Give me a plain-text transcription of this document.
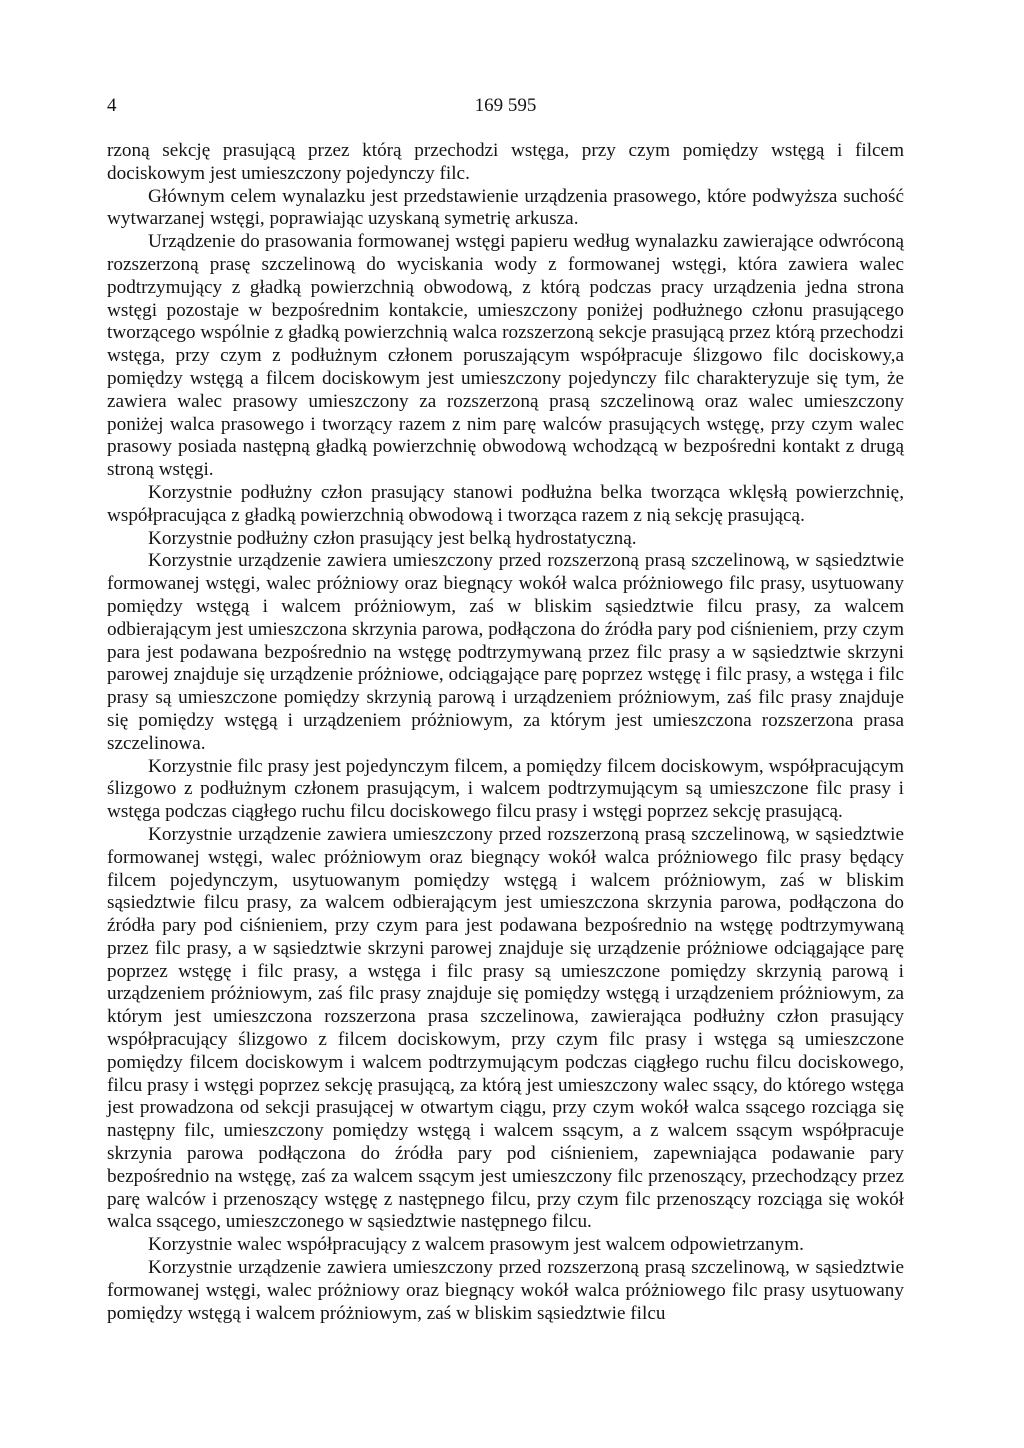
4	169 595

rzoną sekcję prasującą przez którą przechodzi wstęga, przy czym pomiędzy wstęgą i filcem dociskowym jest umieszczony pojedynczy filc.

Głównym celem wynalazku jest przedstawienie urządzenia prasowego, które podwyższa suchość wytwarzanej wstęgi, poprawiając uzyskaną symetrię arkusza.

Urządzenie do prasowania formowanej wstęgi papieru według wynalazku zawierające odwróconą rozszerzoną prasę szczelinową do wyciskania wody z formowanej wstęgi, która zawiera walec podtrzymujący z gładką powierzchnią obwodową, z którą podczas pracy urządzenia jedna strona wstęgi pozostaje w bezpośrednim kontakcie, umieszczony poniżej podłużnego członu prasującego tworzącego wspólnie z gładką powierzchnią walca rozszerzoną sekcje prasującą przez którą przechodzi wstęga, przy czym z podłużnym członem poruszającym współpracuje ślizgowo filc dociskowy,a pomiędzy wstęgą a filcem dociskowym jest umieszczony pojedynczy filc charakteryzuje się tym, że zawiera walec prasowy umieszczony za rozszerzoną prasą szczelinową oraz walec umieszczony poniżej walca prasowego i tworzący razem z nim parę walców prasujących wstęgę, przy czym walec prasowy posiada następną gładką powierzchnię obwodową wchodzącą w bezpośredni kontakt z drugą stroną wstęgi.

Korzystnie podłużny człon prasujący stanowi podłużna belka tworząca wklęsłą powierzchnię, współpracująca z gładką powierzchnią obwodową i tworząca razem z nią sekcję prasującą.

Korzystnie podłużny człon prasujący jest belką hydrostatyczną.

Korzystnie urządzenie zawiera umieszczony przed rozszerzoną prasą szczelinową, w sąsiedztwie formowanej wstęgi, walec próżniowy oraz biegnący wokół walca próżniowego filc prasy, usytuowany pomiędzy wstęgą i walcem próżniowym, zaś w bliskim sąsiedztwie filcu prasy, za walcem odbierającym jest umieszczona skrzynia parowa, podłączona do źródła pary pod ciśnieniem, przy czym para jest podawana bezpośrednio na wstęgę podtrzymywaną przez filc prasy a w sąsiedztwie skrzyni parowej znajduje się urządzenie próżniowe, odciągające parę poprzez wstęgę i filc prasy, a wstęga i filc prasy są umieszczone pomiędzy skrzynią parową i urządzeniem próżniowym, zaś filc prasy znajduje się pomiędzy wstęgą i urządzeniem próżniowym, za którym jest umieszczona rozszerzona prasa szczelinowa.

Korzystnie filc prasy jest pojedynczym filcem, a pomiędzy filcem dociskowym, współpracującym ślizgowo z podłużnym członem prasującym, i walcem podtrzymującym są umieszczone filc prasy i wstęga podczas ciągłego ruchu filcu dociskowego filcu prasy i wstęgi poprzez sekcję prasującą.

Korzystnie urządzenie zawiera umieszczony przed rozszerzoną prasą szczelinową, w sąsiedztwie formowanej wstęgi, walec próżniowym oraz biegnący wokół walca próżniowego filc prasy będący filcem pojedynczym, usytuowanym pomiędzy wstęgą i walcem próżniowym, zaś w bliskim sąsiedztwie filcu prasy, za walcem odbierającym jest umieszczona skrzynia parowa, podłączona do źródła pary pod ciśnieniem, przy czym para jest podawana bezpośrednio na wstęgę podtrzymywaną przez filc prasy, a w sąsiedztwie skrzyni parowej znajduje się urządzenie próżniowe odciągające parę poprzez wstęgę i filc prasy, a wstęga i filc prasy są umieszczone pomiędzy skrzynią parową i urządzeniem próżniowym, zaś filc prasy znajduje się pomiędzy wstęgą i urządzeniem próżniowym, za którym jest umieszczona rozszerzona prasa szczelinowa, zawierająca podłużny człon prasujący współpracujący ślizgowo z filcem dociskowym, przy czym filc prasy i wstęga są umieszczone pomiędzy filcem dociskowym i walcem podtrzymującym podczas ciągłego ruchu filcu dociskowego, filcu prasy i wstęgi poprzez sekcję prasującą, za którą jest umieszczony walec ssący, do którego wstęga jest prowadzona od sekcji prasującej w otwartym ciągu, przy czym wokół walca ssącego rozciąga się następny filc, umieszczony pomiędzy wstęgą i walcem ssącym, a z walcem ssącym współpracuje skrzynia parowa podłączona do źródła pary pod ciśnieniem, zapewniająca podawanie pary bezpośrednio na wstęgę, zaś za walcem ssącym jest umieszczony filc przenoszący, przechodzący przez parę walców i przenoszący wstęgę z następnego filcu, przy czym filc przenoszący rozciąga się wokół walca ssącego, umieszczonego w sąsiedztwie następnego filcu.

Korzystnie walec współpracujący z walcem prasowym jest walcem odpowietrzanym.

Korzystnie urządzenie zawiera umieszczony przed rozszerzoną prasą szczelinową, w sąsiedztwie formowanej wstęgi, walec próżniowy oraz biegnący wokół walca próżniowego filc prasy usytuowany pomiędzy wstęgą i walcem próżniowym, zaś w bliskim sąsiedztwie filcu
